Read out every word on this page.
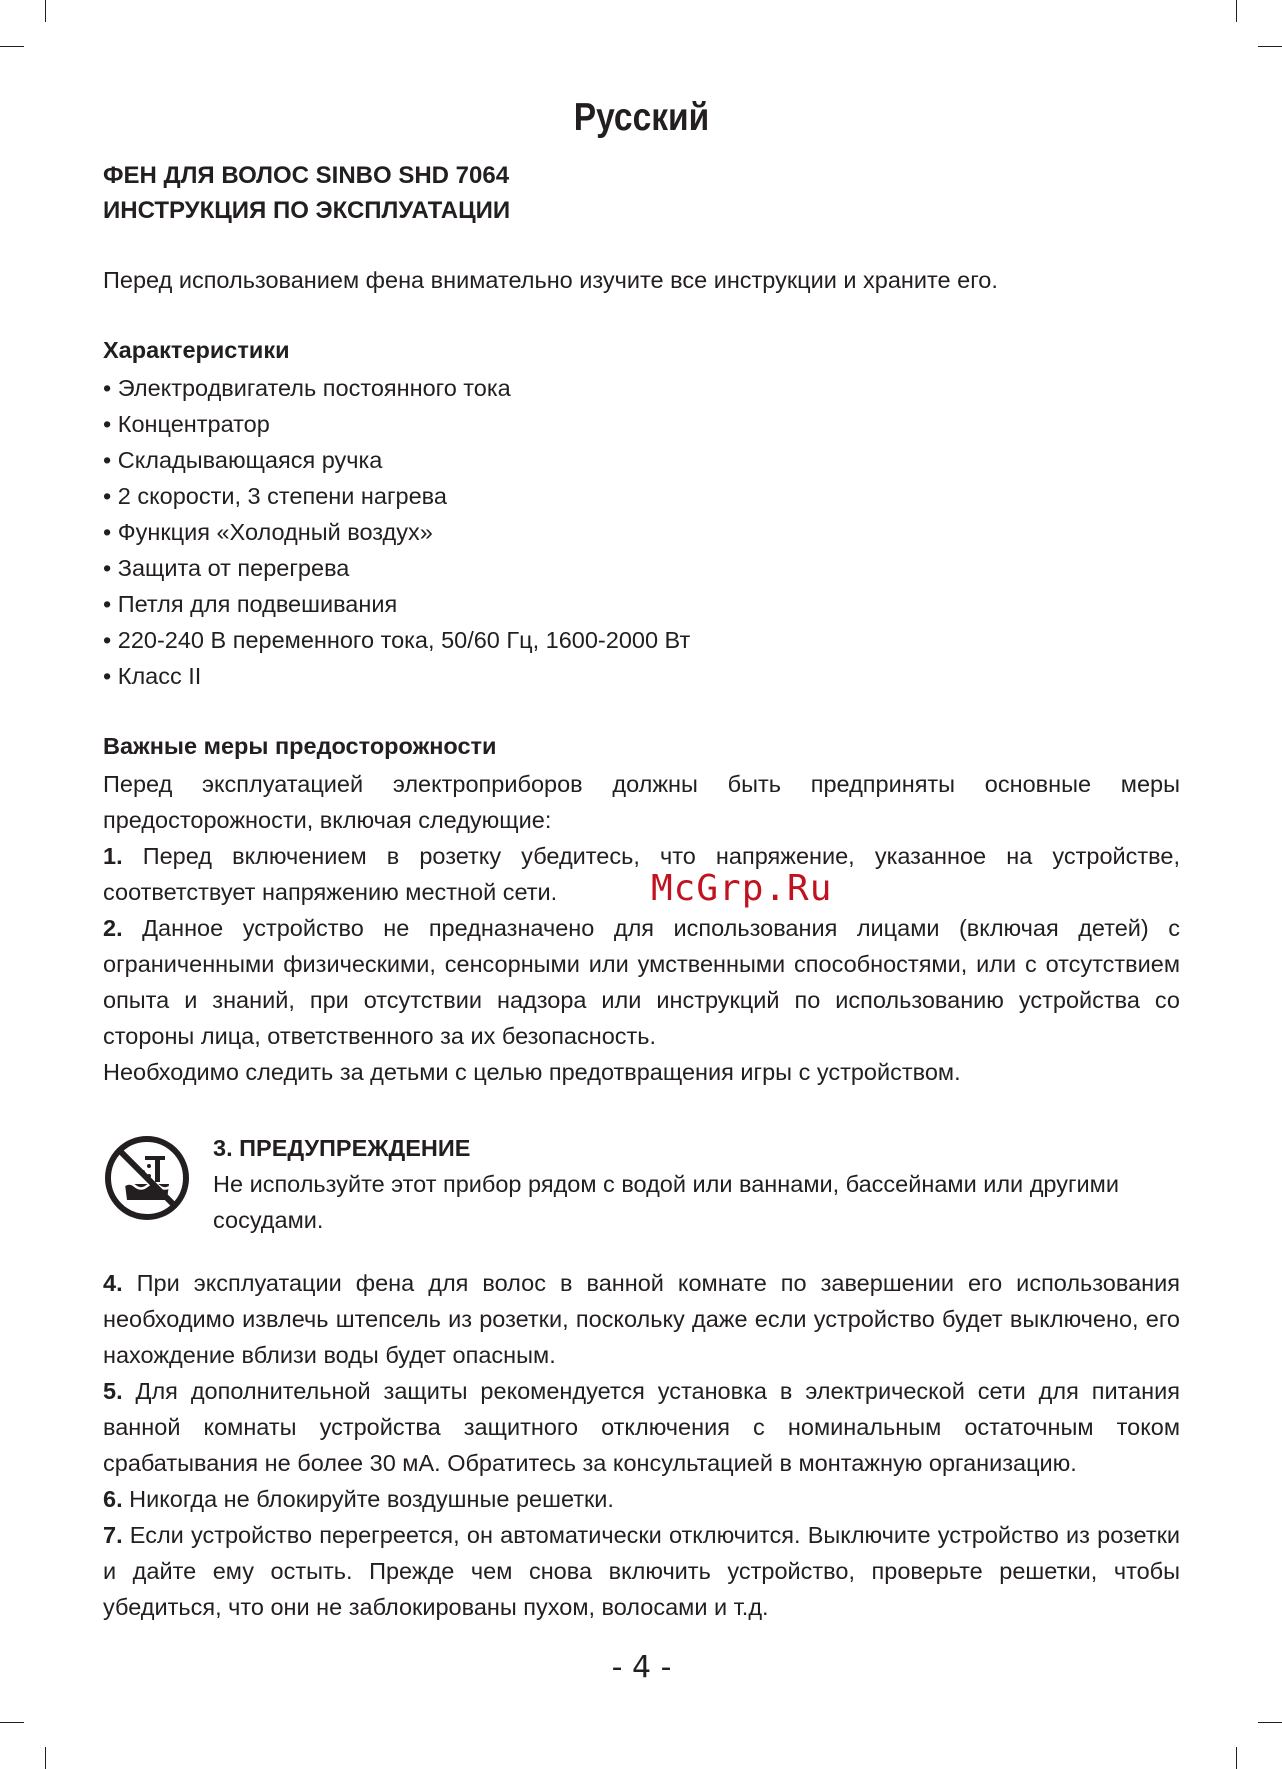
Русский
ФЕН ДЛЯ ВОЛОС SINBO SHD 7064
ИНСТРУКЦИЯ ПО ЭКСПЛУАТАЦИИ
Перед использованием фена внимательно изучите все инструкции и храните его.
Характеристики
• Электродвигатель постоянного тока
• Концентратор
• Складывающаяся ручка
• 2 скорости, 3 степени нагрева
• Функция «Холодный воздух»
• Защита от перегрева
• Петля для подвешивания
• 220-240 В переменного тока, 50/60 Гц, 1600-2000 Вт
• Класс II
Важные меры предосторожности
Перед эксплуатацией электроприборов должны быть предприняты основные меры предосторожности, включая следующие:
1. Перед включением в розетку убедитесь, что напряжение, указанное на устройстве, соответствует напряжению местной сети.
2. Данное устройство не предназначено для использования лицами (включая детей) с ограниченными физическими, сенсорными или умственными способностями, или с отсутствием опыта и знаний, при отсутствии надзора или инструкций по использованию устройства со стороны лица, ответственного за их безопасность.
Необходимо следить за детьми с целью предотвращения игры с устройством.
McGrp.Ru
3. ПРЕДУПРЕЖДЕНИЕ
Не используйте этот прибор рядом с водой или ваннами, бассейнами или другими сосудами.
4. При эксплуатации фена для волос в ванной комнате по завершении его использования необходимо извлечь штепсель из розетки, поскольку даже если устройство будет выключено, его нахождение вблизи воды будет опасным.
5. Для дополнительной защиты рекомендуется установка в электрической сети для питания ванной комнаты устройства защитного отключения с номинальным остаточным током срабатывания не более 30 мА. Обратитесь за консультацией в монтажную организацию.
6. Никогда не блокируйте воздушные решетки.
7. Если устройство перегреется, он автоматически отключится. Выключите устройство из розетки и дайте ему остыть. Прежде чем снова включить устройство, проверьте решетки, чтобы убедиться, что они не заблокированы пухом, волосами и т.д.
- 4 -
